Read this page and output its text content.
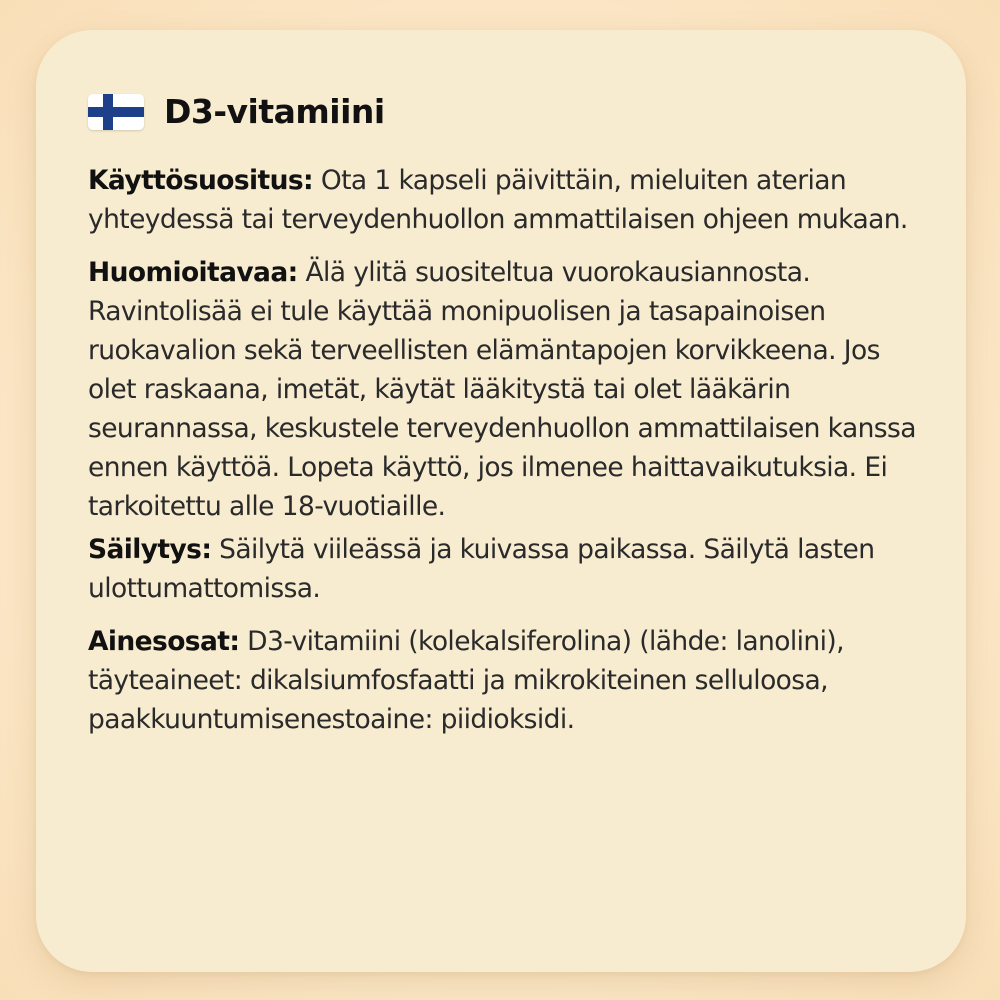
D3-vitamiini

Käyttösuositus: Ota 1 kapseli päivittäin, mieluiten aterian yhteydessä tai terveydenhuollon ammattilaisen ohjeen mukaan.

Huomioitavaa: Älä ylitä suositeltua vuorokausiannosta. Ravintolisää ei tule käyttää monipuolisen ja tasapainoisen ruokavalion sekä terveellisten elämäntapojen korvikkeena. Jos olet raskaana, imetät, käytät lääkitystä tai olet lääkärin seurannassa, keskustele terveydenhuollon ammattilaisen kanssa ennen käyttöä. Lopeta käyttö, jos ilmenee haittavaikutuksia. Ei tarkoitettu alle 18-vuotiaille.

Säilytys: Säilytä viileässä ja kuivassa paikassa. Säilytä lasten ulottumattomissa.

Ainesosat: D3-vitamiini (kolekalsiferolina) (lähde: lanolini), täyteaineet: dikalsiumfosfaatti ja mikrokiteinen selluloosa, paakkuuntumisenestoaine: piidioksidi.
